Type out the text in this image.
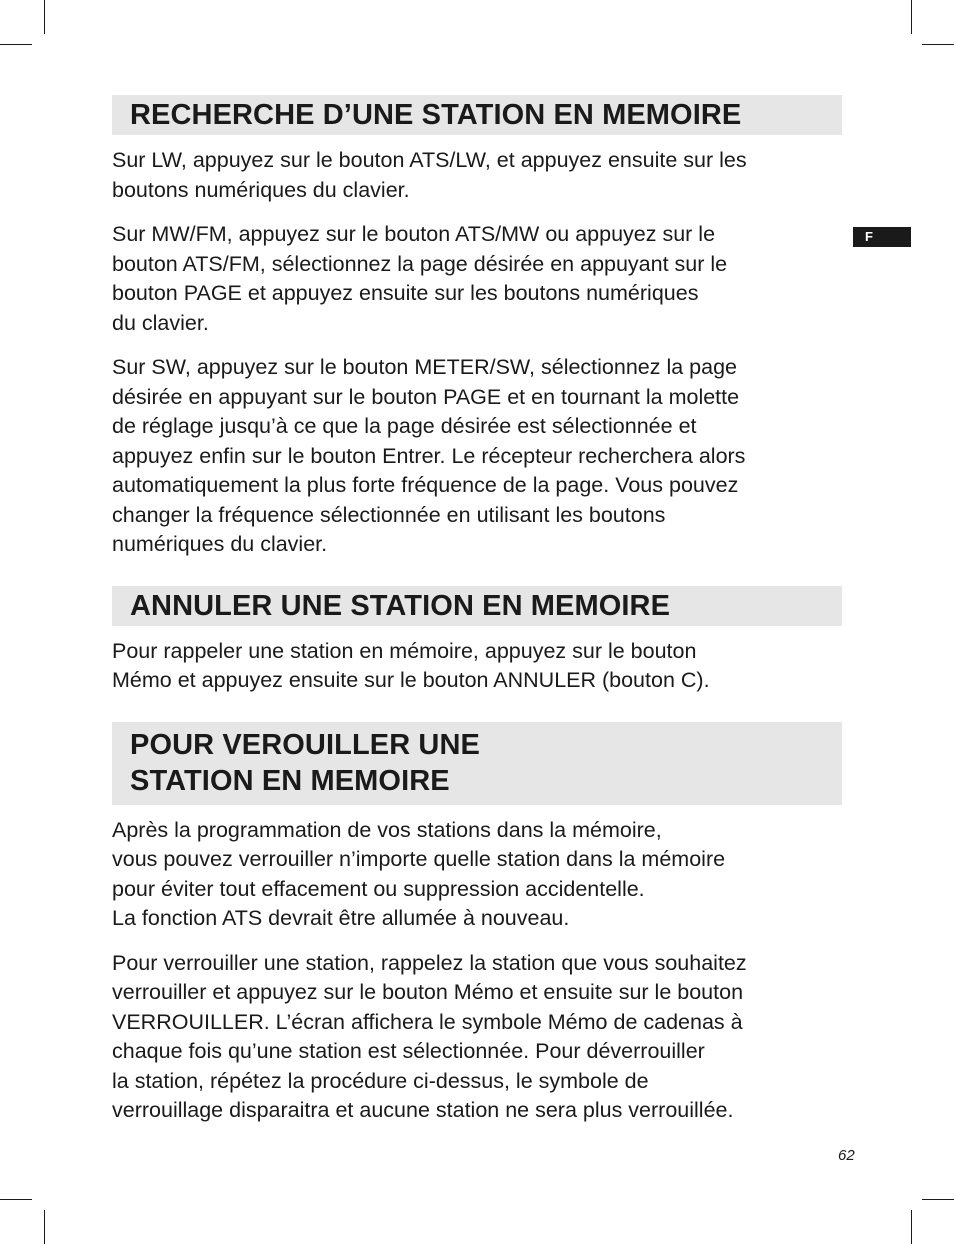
F
RECHERCHE D’UNE STATION EN MEMOIRE

Sur LW, appuyez sur le bouton ATS/LW, et appuyez ensuite sur les
boutons numériques du clavier.

Sur MW/FM, appuyez sur le bouton ATS/MW ou appuyez sur le
bouton ATS/FM, sélectionnez la page désirée en appuyant sur le
bouton PAGE et appuyez ensuite sur les boutons numériques
du clavier.

Sur SW, appuyez sur le bouton METER/SW, sélectionnez la page
désirée en appuyant sur le bouton PAGE et en tournant la molette
de réglage jusqu’à ce que la page désirée est sélectionnée et
appuyez enfin sur le bouton Entrer. Le récepteur recherchera alors
automatiquement la plus forte fréquence de la page. Vous pouvez
changer la fréquence sélectionnée en utilisant les boutons
numériques du clavier.

ANNULER UNE STATION EN MEMOIRE

Pour rappeler une station en mémoire, appuyez sur le bouton
Mémo et appuyez ensuite sur le bouton ANNULER (bouton C).

POUR VEROUILLER UNE
STATION EN MEMOIRE

Après la programmation de vos stations dans la mémoire,
vous pouvez verrouiller n’importe quelle station dans la mémoire
pour éviter tout effacement ou suppression accidentelle.
La fonction ATS devrait être allumée à nouveau.

Pour verrouiller une station, rappelez la station que vous souhaitez
verrouiller et appuyez sur le bouton Mémo et ensuite sur le bouton
VERROUILLER. L’écran affichera le symbole Mémo de cadenas à
chaque fois qu’une station est sélectionnée. Pour déverrouiller
la station, répétez la procédure ci-dessus, le symbole de
verrouillage disparaitra et aucune station ne sera plus verrouillée.

62
